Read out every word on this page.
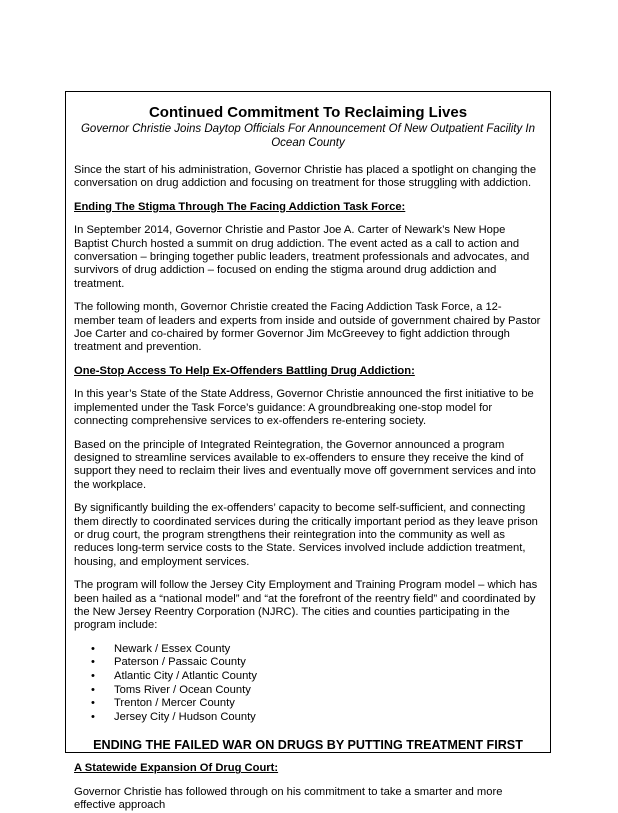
Continued Commitment To Reclaiming Lives
Governor Christie Joins Daytop Officials For Announcement Of New Outpatient Facility In Ocean County

Since the start of his administration, Governor Christie has placed a spotlight on changing the conversation on drug addiction and focusing on treatment for those struggling with addiction.

Ending The Stigma Through The Facing Addiction Task Force:

In September 2014, Governor Christie and Pastor Joe A. Carter of Newark’s New Hope Baptist Church hosted a summit on drug addiction. The event acted as a call to action and conversation – bringing together public leaders, treatment professionals and advocates, and survivors of drug addiction – focused on ending the stigma around drug addiction and treatment.

The following month, Governor Christie created the Facing Addiction Task Force, a 12-member team of leaders and experts from inside and outside of government chaired by Pastor Joe Carter and co-chaired by former Governor Jim McGreevey to fight addiction through treatment and prevention.

One-Stop Access To Help Ex-Offenders Battling Drug Addiction:

In this year’s State of the State Address, Governor Christie announced the first initiative to be implemented under the Task Force’s guidance: A groundbreaking one-stop model for connecting comprehensive services to ex-offenders re-entering society.

Based on the principle of Integrated Reintegration, the Governor announced a program designed to streamline services available to ex-offenders to ensure they receive the kind of support they need to reclaim their lives and eventually move off government services and into the workplace.

By significantly building the ex-offenders’ capacity to become self-sufficient, and connecting them directly to coordinated services during the critically important period as they leave prison or drug court, the program strengthens their reintegration into the community as well as reduces long-term service costs to the State. Services involved include addiction treatment, housing, and employment services.

The program will follow the Jersey City Employment and Training Program model – which has been hailed as a “national model” and “at the forefront of the reentry field” and coordinated by the New Jersey Reentry Corporation (NJRC). The cities and counties participating in the program include:

• Newark / Essex County
• Paterson / Passaic County
• Atlantic City / Atlantic County
• Toms River / Ocean County
• Trenton / Mercer County
• Jersey City / Hudson County
ENDING THE FAILED WAR ON DRUGS BY PUTTING TREATMENT FIRST
A Statewide Expansion Of Drug Court:

Governor Christie has followed through on his commitment to take a smarter and more effective approach
